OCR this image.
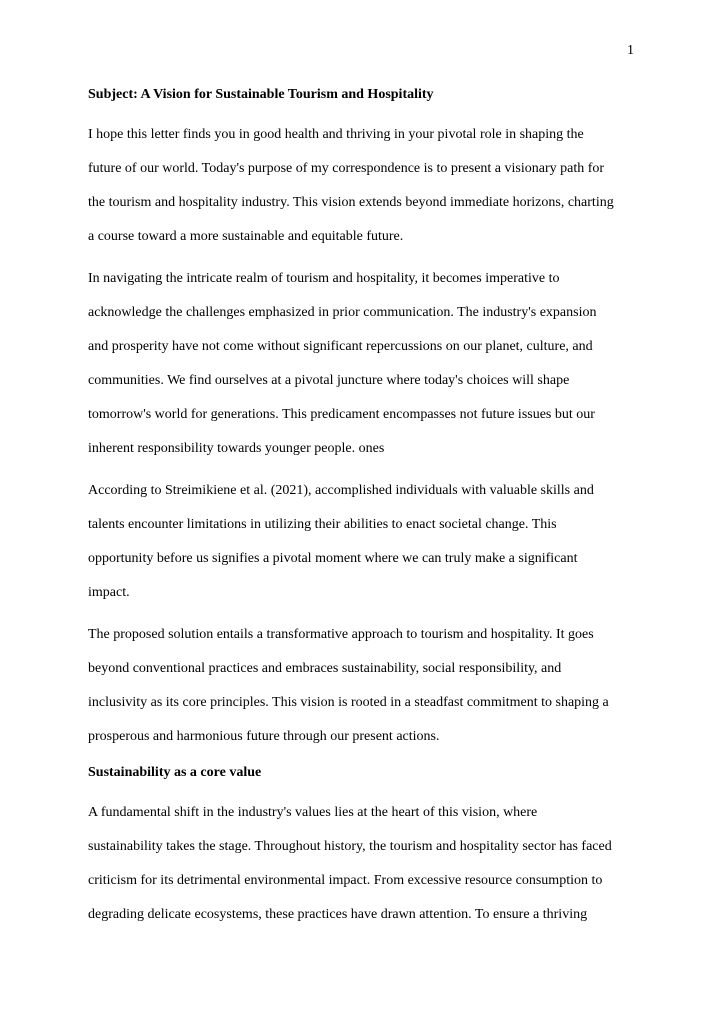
1

Subject: A Vision for Sustainable Tourism and Hospitality

I hope this letter finds you in good health and thriving in your pivotal role in shaping the
future of our world. Today's purpose of my correspondence is to present a visionary path for
the tourism and hospitality industry. This vision extends beyond immediate horizons, charting
a course toward a more sustainable and equitable future.

In navigating the intricate realm of tourism and hospitality, it becomes imperative to
acknowledge the challenges emphasized in prior communication. The industry's expansion
and prosperity have not come without significant repercussions on our planet, culture, and
communities. We find ourselves at a pivotal juncture where today's choices will shape
tomorrow's world for generations. This predicament encompasses not future issues but our
inherent responsibility towards younger people. ones

According to Streimikiene et al. (2021), accomplished individuals with valuable skills and
talents encounter limitations in utilizing their abilities to enact societal change. This
opportunity before us signifies a pivotal moment where we can truly make a significant
impact.

The proposed solution entails a transformative approach to tourism and hospitality. It goes
beyond conventional practices and embraces sustainability, social responsibility, and
inclusivity as its core principles. This vision is rooted in a steadfast commitment to shaping a
prosperous and harmonious future through our present actions.

Sustainability as a core value

A fundamental shift in the industry's values lies at the heart of this vision, where
sustainability takes the stage. Throughout history, the tourism and hospitality sector has faced
criticism for its detrimental environmental impact. From excessive resource consumption to
degrading delicate ecosystems, these practices have drawn attention. To ensure a thriving
